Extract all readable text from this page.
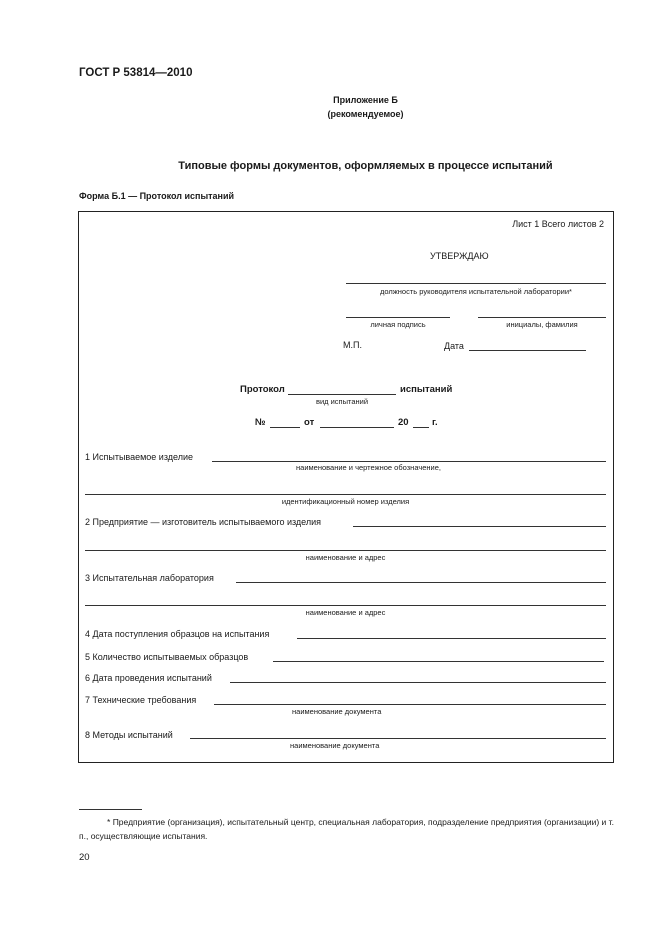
ГОСТ Р 53814—2010
Приложение Б
(рекомендуемое)
Типовые формы документов, оформляемых в процессе испытаний
Форма Б.1 — Протокол испытаний
Лист 1 Всего листов 2
УТВЕРЖДАЮ
должность руководителя испытательной лаборатории*
личная подпись	инициалы, фамилия
М.П.	Дата
Протокол	испытаний
вид испытаний
№	от	20 г.
1 Испытываемое изделие
наименование и чертежное обозначение,
идентификационный номер изделия
2 Предприятие — изготовитель испытываемого изделия
наименование и адрес
3 Испытательная лаборатория
наименование и адрес
4 Дата поступления образцов на испытания
5 Количество испытываемых образцов
6 Дата проведения испытаний
7 Технические требования
наименование документа
8 Методы испытаний
наименование документа
* Предприятие (организация), испытательный центр, специальная лаборатория, подразделение предприятия (организации) и т. п., осуществляющие испытания.
20
